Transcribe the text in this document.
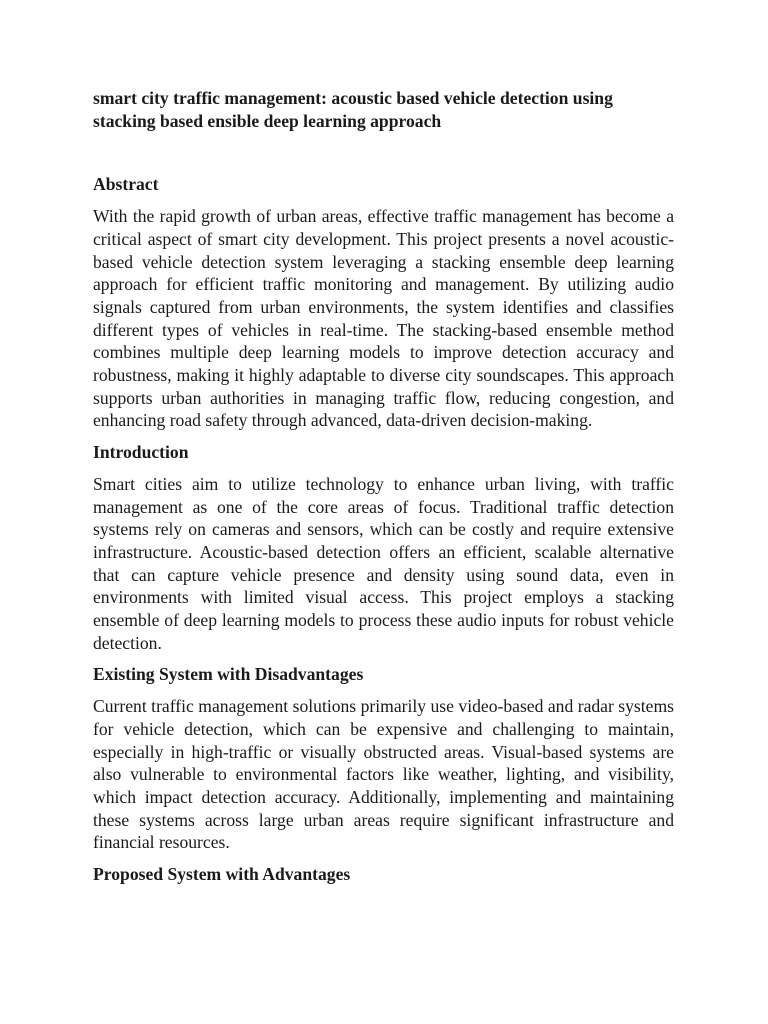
smart city traffic management: acoustic based vehicle detection using stacking based ensible deep learning approach
Abstract

With the rapid growth of urban areas, effective traffic management has become a critical aspect of smart city development. This project presents a novel acoustic-based vehicle detection system leveraging a stacking ensemble deep learning approach for efficient traffic monitoring and management. By utilizing audio signals captured from urban environments, the system identifies and classifies different types of vehicles in real-time. The stacking-based ensemble method combines multiple deep learning models to improve detection accuracy and robustness, making it highly adaptable to diverse city soundscapes. This approach supports urban authorities in managing traffic flow, reducing congestion, and enhancing road safety through advanced, data-driven decision-making.

Introduction

Smart cities aim to utilize technology to enhance urban living, with traffic management as one of the core areas of focus. Traditional traffic detection systems rely on cameras and sensors, which can be costly and require extensive infrastructure. Acoustic-based detection offers an efficient, scalable alternative that can capture vehicle presence and density using sound data, even in environments with limited visual access. This project employs a stacking ensemble of deep learning models to process these audio inputs for robust vehicle detection.

Existing System with Disadvantages

Current traffic management solutions primarily use video-based and radar systems for vehicle detection, which can be expensive and challenging to maintain, especially in high-traffic or visually obstructed areas. Visual-based systems are also vulnerable to environmental factors like weather, lighting, and visibility, which impact detection accuracy. Additionally, implementing and maintaining these systems across large urban areas require significant infrastructure and financial resources.

Proposed System with Advantages
